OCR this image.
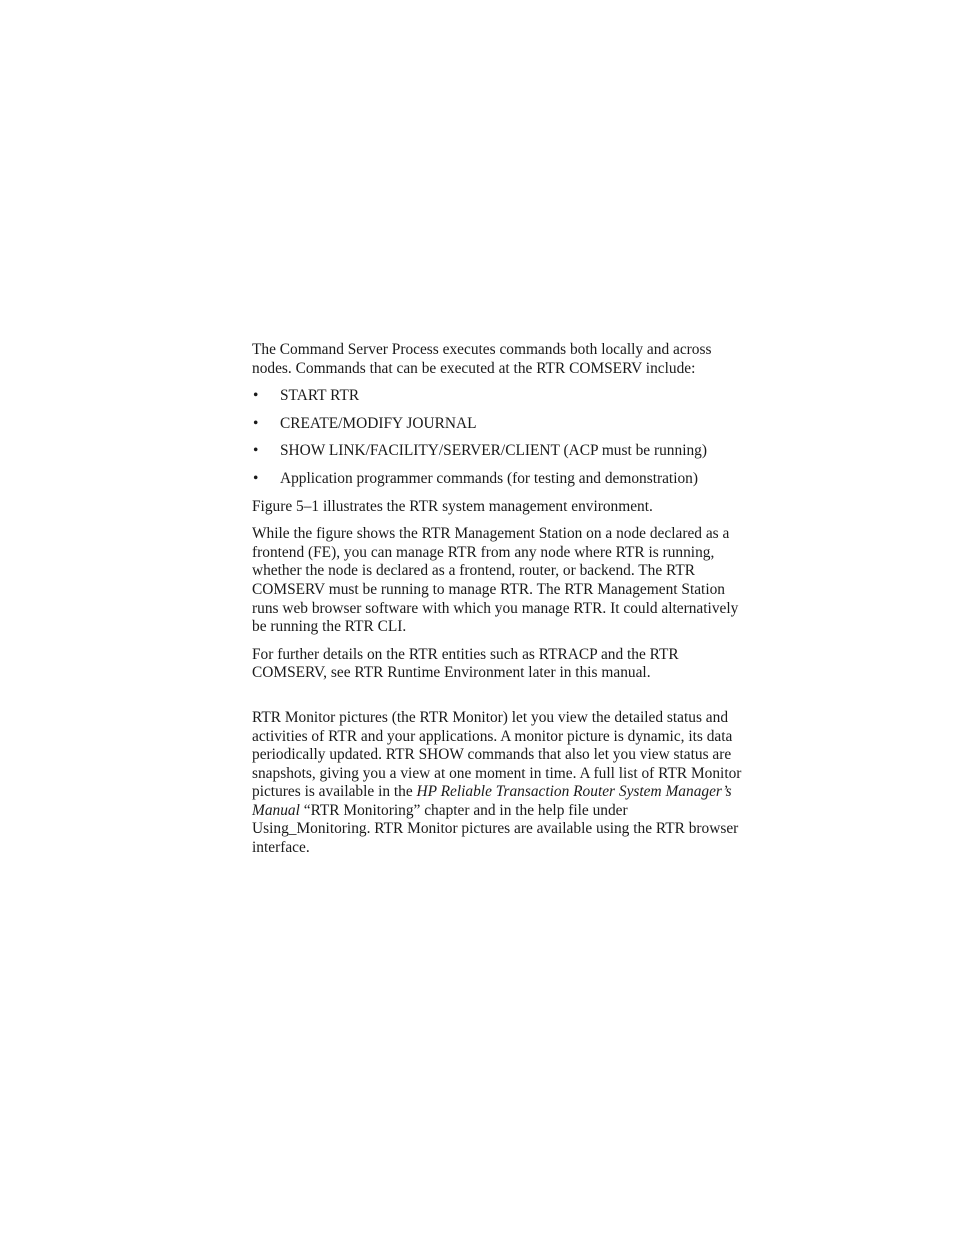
The Command Server Process executes commands both locally and across nodes. Commands that can be executed at the RTR COMSERV include:

• START RTR
• CREATE/MODIFY JOURNAL
• SHOW LINK/FACILITY/SERVER/CLIENT (ACP must be running)
• Application programmer commands (for testing and demonstration)

Figure 5–1 illustrates the RTR system management environment.

While the figure shows the RTR Management Station on a node declared as a frontend (FE), you can manage RTR from any node where RTR is running, whether the node is declared as a frontend, router, or backend. The RTR COMSERV must be running to manage RTR. The RTR Management Station runs web browser software with which you manage RTR. It could alternatively be running the RTR CLI.

For further details on the RTR entities such as RTRACP and the RTR COMSERV, see RTR Runtime Environment later in this manual.

RTR Monitor pictures (the RTR Monitor) let you view the detailed status and activities of RTR and your applications. A monitor picture is dynamic, its data periodically updated. RTR SHOW commands that also let you view status are snapshots, giving you a view at one moment in time. A full list of RTR Monitor pictures is available in the HP Reliable Transaction Router System Manager’s Manual “RTR Monitoring” chapter and in the help file under Using_Monitoring. RTR Monitor pictures are available using the RTR browser interface.
